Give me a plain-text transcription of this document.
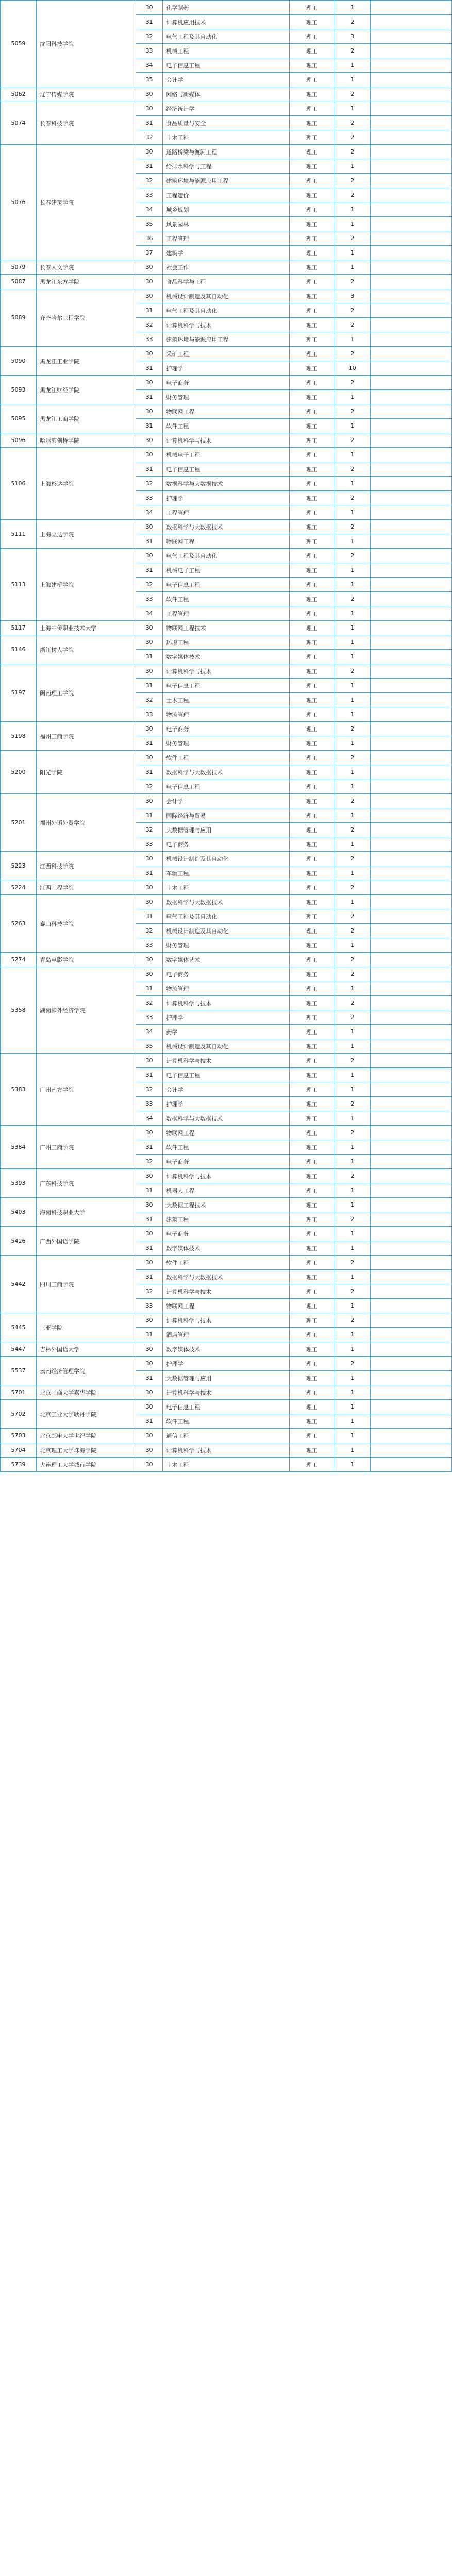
5059	沈阳科技学院	30	化学制药	理工	1	
		31	计算机应用技术	理工	2	
		32	电气工程及其自动化	理工	3	
		33	机械工程	理工	2	
		34	电子信息工程	理工	1	
		35	会计学	理工	1	
5062	辽宁传媒学院	30	网络与新媒体	理工	2	
5074	长春科技学院	30	经济统计学	理工	1	
		31	食品质量与安全	理工	2	
		32	土木工程	理工	2	
5076	长春建筑学院	30	道路桥梁与渡河工程	理工	2	
		31	给排水科学与工程	理工	1	
		32	建筑环境与能源应用工程	理工	2	
		33	工程造价	理工	2	
		34	城乡规划	理工	1	
		35	风景园林	理工	1	
		36	工程管理	理工	2	
		37	建筑学	理工	1	
5079	长春人文学院	30	社会工作	理工	1	
5087	黑龙江东方学院	30	食品科学与工程	理工	2	
5089	齐齐哈尔工程学院	30	机械设计制造及其自动化	理工	3	
		31	电气工程及其自动化	理工	2	
		32	计算机科学与技术	理工	2	
		33	建筑环境与能源应用工程	理工	1	
5090	黑龙江工业学院	30	采矿工程	理工	2	
		31	护理学	理工	10	
5093	黑龙江财经学院	30	电子商务	理工	2	
		31	财务管理	理工	1	
5095	黑龙江工商学院	30	物联网工程	理工	2	
		31	软件工程	理工	1	
5096	哈尔滨剑桥学院	30	计算机科学与技术	理工	2	
5106	上海杉达学院	30	机械电子工程	理工	1	
		31	电子信息工程	理工	2	
		32	数据科学与大数据技术	理工	1	
		33	护理学	理工	2	
		34	工程管理	理工	1	
5111	上海立达学院	30	数据科学与大数据技术	理工	2	
		31	物联网工程	理工	1	
5113	上海建桥学院	30	电气工程及其自动化	理工	2	
		31	机械电子工程	理工	1	
		32	电子信息工程	理工	1	
		33	软件工程	理工	2	
		34	工程管理	理工	1	
5117	上海中侨职业技术大学	30	物联网工程技术	理工	1	
5146	浙江树人学院	30	环境工程	理工	1	
		31	数字媒体技术	理工	1	
5197	闽南理工学院	30	计算机科学与技术	理工	2	
		31	电子信息工程	理工	1	
		32	土木工程	理工	1	
		33	物流管理	理工	1	
5198	福州工商学院	30	电子商务	理工	2	
		31	财务管理	理工	1	
5200	阳光学院	30	软件工程	理工	2	
		31	数据科学与大数据技术	理工	1	
		32	电子信息工程	理工	1	
5201	福州外语外贸学院	30	会计学	理工	2	
		31	国际经济与贸易	理工	1	
		32	大数据管理与应用	理工	2	
		33	电子商务	理工	1	
5223	江西科技学院	30	机械设计制造及其自动化	理工	2	
		31	车辆工程	理工	1	
5224	江西工程学院	30	土木工程	理工	2	
5263	泰山科技学院	30	数据科学与大数据技术	理工	1	
		31	电气工程及其自动化	理工	2	
		32	机械设计制造及其自动化	理工	2	
		33	财务管理	理工	1	
5274	青岛电影学院	30	数字媒体艺术	理工	2	
5358	湖南涉外经济学院	30	电子商务	理工	2	
		31	物流管理	理工	1	
		32	计算机科学与技术	理工	2	
		33	护理学	理工	2	
		34	药学	理工	1	
		35	机械设计制造及其自动化	理工	1	
5383	广州南方学院	30	计算机科学与技术	理工	2	
		31	电子信息工程	理工	1	
		32	会计学	理工	1	
		33	护理学	理工	2	
		34	数据科学与大数据技术	理工	1	
5384	广州工商学院	30	物联网工程	理工	2	
		31	软件工程	理工	1	
		32	电子商务	理工	1	
5393	广东科技学院	30	计算机科学与技术	理工	2	
		31	机器人工程	理工	1	
5403	海南科技职业大学	30	大数据工程技术	理工	1	
		31	建筑工程	理工	2	
5426	广西外国语学院	30	电子商务	理工	1	
		31	数字媒体技术	理工	1	
5442	四川工商学院	30	软件工程	理工	2	
		31	数据科学与大数据技术	理工	1	
		32	计算机科学与技术	理工	2	
		33	物联网工程	理工	1	
5445	三亚学院	30	计算机科学与技术	理工	2	
		31	酒店管理	理工	1	
5447	吉林外国语大学	30	数字媒体技术	理工	1	
5537	云南经济管理学院	30	护理学	理工	2	
		31	大数据管理与应用	理工	1	
5701	北京工商大学嘉华学院	30	计算机科学与技术	理工	1	
5702	北京工业大学耿丹学院	30	电子信息工程	理工	1	
		31	软件工程	理工	1	
5703	北京邮电大学世纪学院	30	通信工程	理工	1	
5704	北京理工大学珠海学院	30	计算机科学与技术	理工	1	
5739	大连理工大学城市学院	30	土木工程	理工	1	
